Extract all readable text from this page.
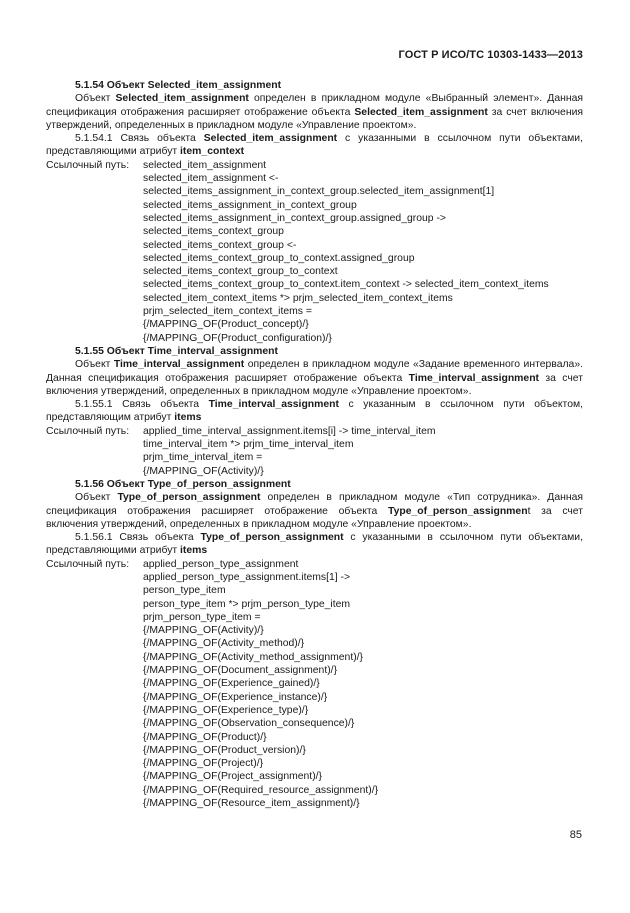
ГОСТ Р ИСО/ТС 10303-1433—2013

5.1.54 Объект Selected_item_assignment

Объект Selected_item_assignment определен в прикладном модуле «Выбранный элемент». Данная спецификация отображения расширяет отображение объекта Selected_item_assignment за счет включения утверждений, определенных в прикладном модуле «Управление проектом».

5.1.54.1 Связь объекта Selected_item_assignment с указанными в ссылочном пути объектами, представляющими атрибут item_context

Ссылочный путь:	selected_item_assignment
selected_item_assignment <-
selected_items_assignment_in_context_group.selected_item_assignment[1]
selected_items_assignment_in_context_group
selected_items_assignment_in_context_group.assigned_group ->
selected_items_context_group
selected_items_context_group <-
selected_items_context_group_to_context.assigned_group
selected_items_context_group_to_context
selected_items_context_group_to_context.item_context -> selected_item_context_items
selected_item_context_items *> prjm_selected_item_context_items
prjm_selected_item_context_items =
{/MAPPING_OF(Product_concept)/}
{/MAPPING_OF(Product_configuration)/}

5.1.55 Объект Time_interval_assignment

Объект Time_interval_assignment определен в прикладном модуле «Задание временного интервала». Данная спецификация отображения расширяет отображение объекта Time_interval_assignment за счет включения утверждений, определенных в прикладном модуле «Управление проектом».

5.1.55.1 Связь объекта Time_interval_assignment с указанным в ссылочном пути объектом, представляющим атрибут items

Ссылочный путь:	applied_time_interval_assignment.items[i] -> time_interval_item
time_interval_item *> prjm_time_interval_item
prjm_time_interval_item =
{/MAPPING_OF(Activity)/}

5.1.56 Объект Type_of_person_assignment

Объект Type_of_person_assignment определен в прикладном модуле «Тип сотрудника». Данная спецификация отображения расширяет отображение объекта Type_of_person_assignment за счет включения утверждений, определенных в прикладном модуле «Управление проектом».

5.1.56.1 Связь объекта Type_of_person_assignment с указанными в ссылочном пути объектами, представляющими атрибут items

Ссылочный путь:	applied_person_type_assignment
applied_person_type_assignment.items[1] ->
person_type_item
person_type_item *> prjm_person_type_item
prjm_person_type_item =
{/MAPPING_OF(Activity)/}
{/MAPPING_OF(Activity_method)/}
{/MAPPING_OF(Activity_method_assignment)/}
{/MAPPING_OF(Document_assignment)/}
{/MAPPING_OF(Experience_gained)/}
{/MAPPING_OF(Experience_instance)/}
{/MAPPING_OF(Experience_type)/}
{/MAPPING_OF(Observation_consequence)/}
{/MAPPING_OF(Product)/}
{/MAPPING_OF(Product_version)/}
{/MAPPING_OF(Project)/}
{/MAPPING_OF(Project_assignment)/}
{/MAPPING_OF(Required_resource_assignment)/}
{/MAPPING_OF(Resource_item_assignment)/}
85
